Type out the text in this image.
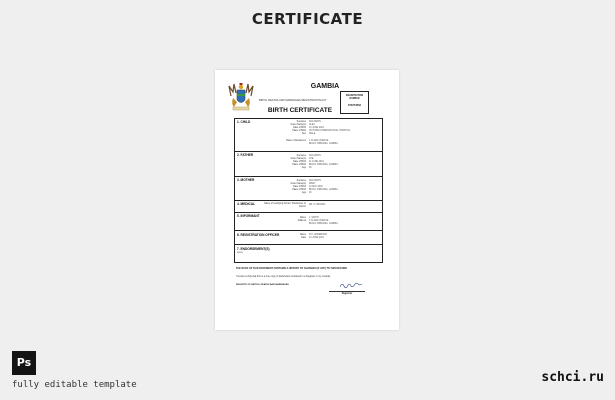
CERTIFICATE
GAMBIA
BIRTH, DEATHS AND MARRIAGES REGISTRATION ACT
REGISTRATION NUMBER
870273663
BIRTH CERTIFICATE
1. CHILD	Surname SOLOMON
Given Name(s) ALEX
Date of Birth 23 JUNE 2021
Place of Birth VICTORIA INTERNATIONAL HOSPITAL
Sex MALE
Place of Residence 4 CLARK AVENUE
BIJILO, BRIKAMA, GAMBIA
2. FATHER	Surname SOLOMON
Given Name(s) JOE
Date of Birth 11 JUNE 2001
Place of Birth BIJILO, BRIKAMA, GAMBIA
Age 20
3. MOTHER	Surname SOLOMON
Given Name(s) MARY
Date of Birth 12 MAY 2002
Place of Birth BIJILO, BRIKAMA, GAMBIA
Age 19
4. MEDICAL	Name of Certifying Doctor, Practitioner or Doctor
DR. D. BROWN
5. INFORMANT	Name J. SMITH
Address 4 CLARK AVENUE
BIJILO, BRIKAMA, GAMBIA
6. REGISTRATION OFFICER	Name R.H. ANDERSON
Date 24 JUNE 2021
7. ENDORSEMENT(S)
Nil/Nil
THE BACK OF THIS DOCUMENT CONTAINS A HISTORY OF CHANGES (IF ANY) TO THIS RECORD
I hereby certify that this is a true copy of particulars contained in a Register in my custody
REGISTRY OF BIRTHS, DEATHS AND MARRIAGES
Registrar
Ps
fully editable template	schci.ru
